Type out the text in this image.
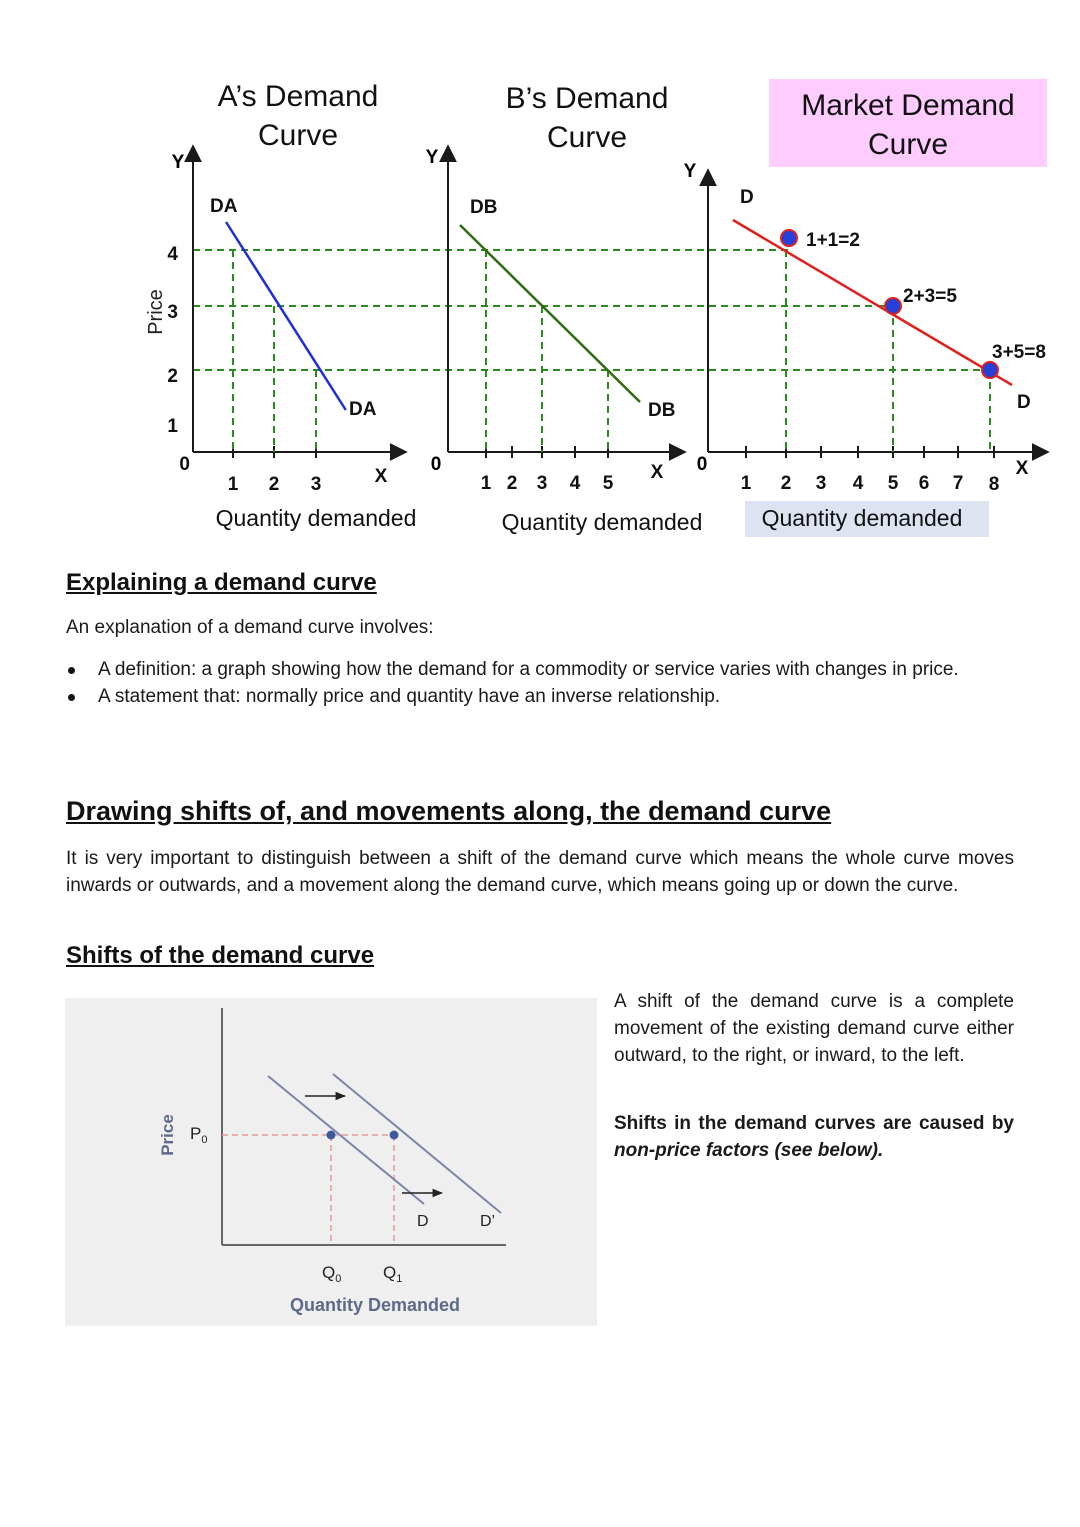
Price
4
3
2
1
0
A’s Demand
Curve
Y
DA
DA
1 2 3	X
Quantity demanded
B’s Demand
Curve
Y
0
DB
DB
1 2 3 4 5
X
Quantity demanded
Market Demand
Curve
Y
0
1+1=2
2+3=5
3+5=8
D
D
1 2 3 4 5 6 7 8
X
Quantity demanded
Explaining a demand curve

An explanation of a demand curve involves:

A definition: a graph showing how the demand for a commodity or service varies with changes in price.
A statement that: normally price and quantity have an inverse relationship.
Drawing shifts of, and movements along, the demand curve

It is very important to distinguish between a shift of the demand curve which means the whole curve moves inwards or outwards, and a movement along the demand curve, which means going up or down the curve.

Shifts of the demand curve
Price $P_0$
D	D’
$Q_0$ $Q_1$
Quantity Demanded

A shift of the demand curve is a complete movement of the existing demand curve either outward, to the right, or inward, to the left.

Shifts in the demand curves are caused by non-price factors (see below).
